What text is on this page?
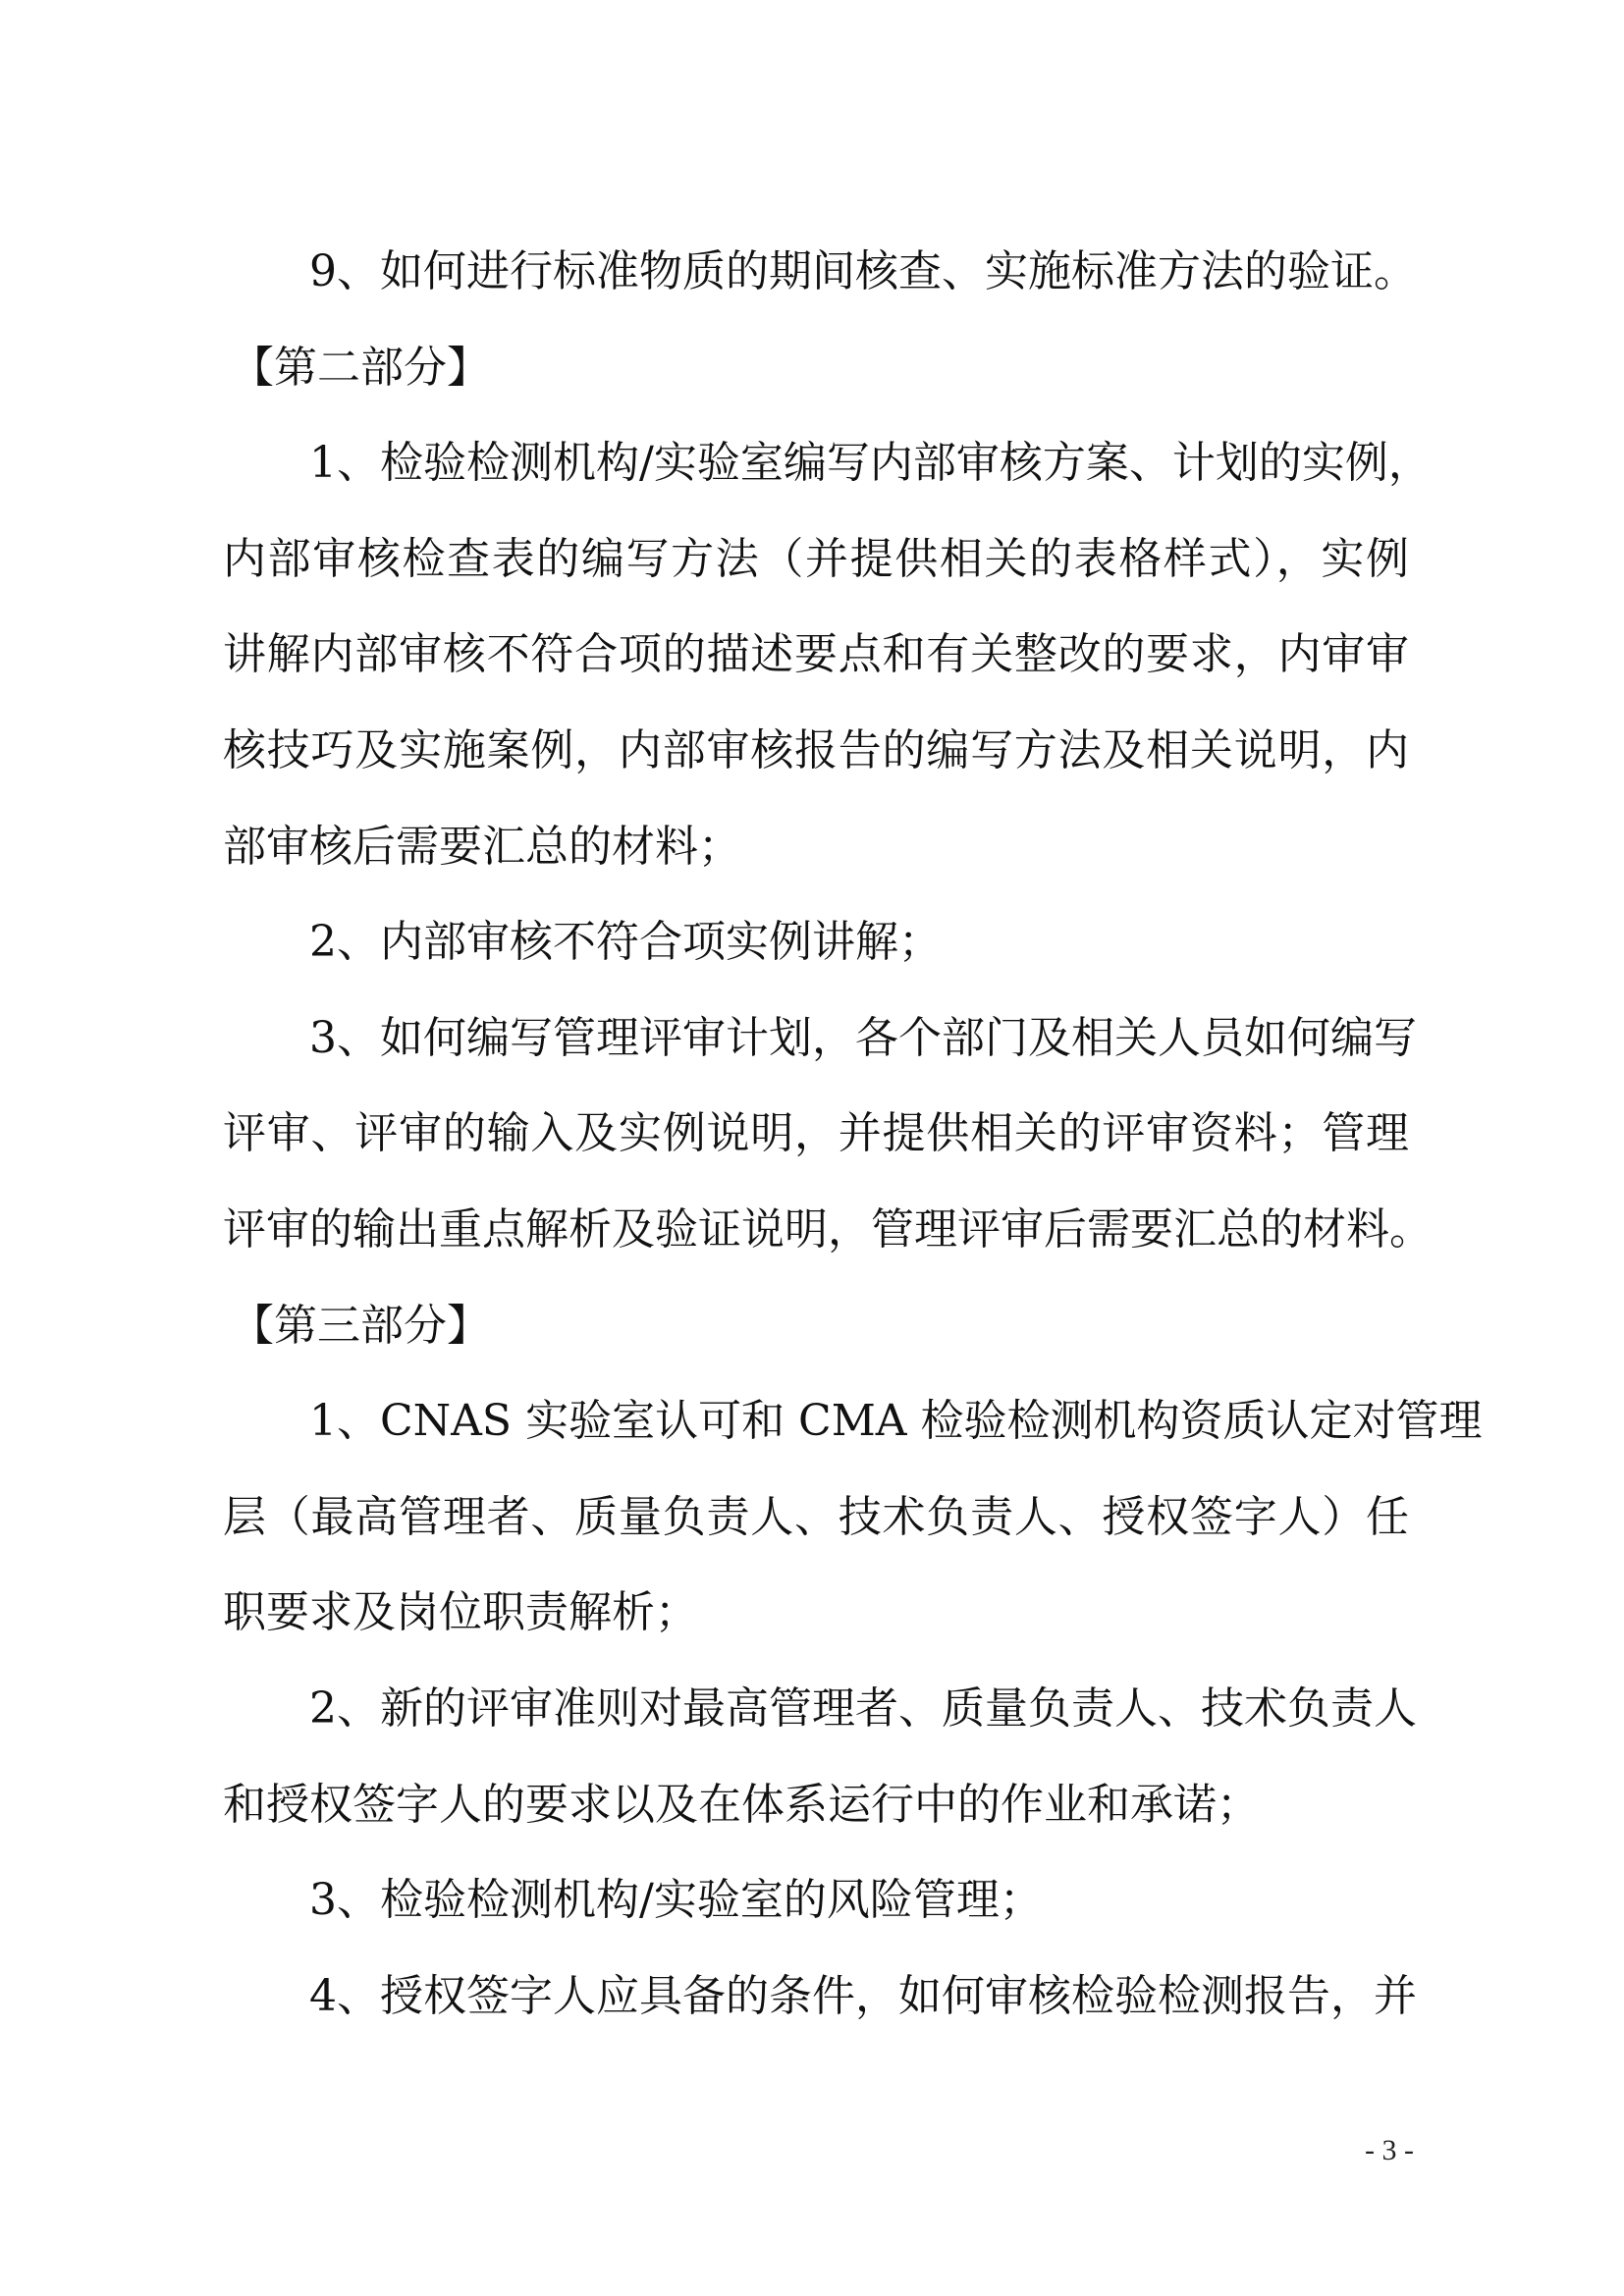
9、如何进行标准物质的期间核查、实施标准方法的验证。
【第二部分】
1、检验检测机构/实验室编写内部审核方案、计划的实例，
内部审核检查表的编写方法（并提供相关的表格样式），实例
讲解内部审核不符合项的描述要点和有关整改的要求，内审审
核技巧及实施案例，内部审核报告的编写方法及相关说明，内
部审核后需要汇总的材料；
2、内部审核不符合项实例讲解；
3、如何编写管理评审计划，各个部门及相关人员如何编写
评审、评审的输入及实例说明，并提供相关的评审资料；管理
评审的输出重点解析及验证说明，管理评审后需要汇总的材料。
【第三部分】
1、CNAS 实验室认可和 CMA 检验检测机构资质认定对管理
层（最高管理者、质量负责人、技术负责人、授权签字人）任
职要求及岗位职责解析；
2、新的评审准则对最高管理者、质量负责人、技术负责人
和授权签字人的要求以及在体系运行中的作业和承诺；
3、检验检测机构/实验室的风险管理；
4、授权签字人应具备的条件，如何审核检验检测报告，并
- 3 -
